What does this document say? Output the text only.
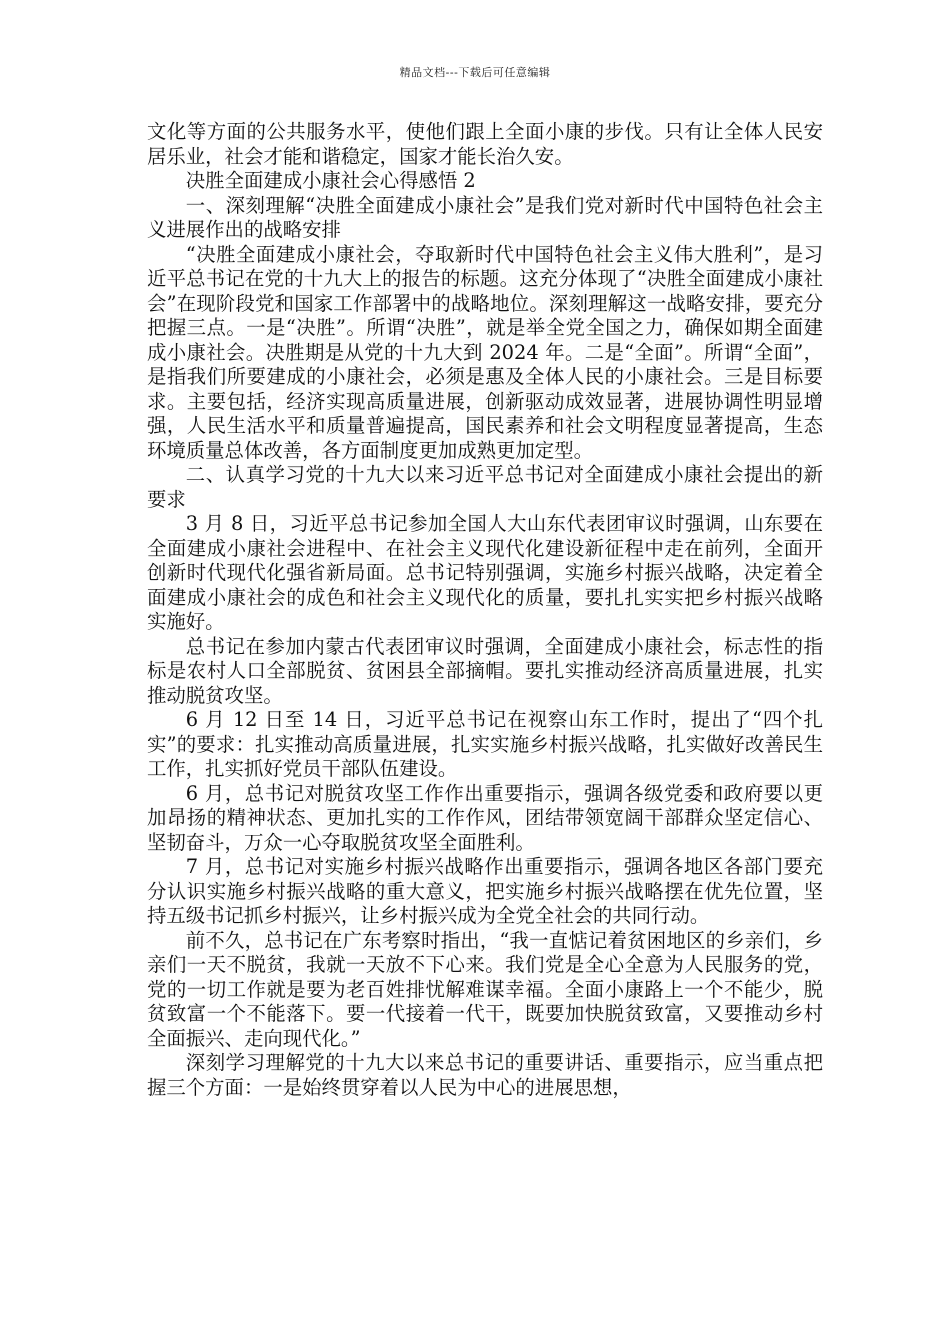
精品文档---下载后可任意编辑

文化等方面的公共服务水平，使他们跟上全面小康的步伐。只有让全体人民安居乐业，社会才能和谐稳定，国家才能长治久安。

决胜全面建成小康社会心得感悟 2

一、深刻理解“决胜全面建成小康社会”是我们党对新时代中国特色社会主义进展作出的战略安排

“决胜全面建成小康社会，夺取新时代中国特色社会主义伟大胜利”，是习近平总书记在党的十九大上的报告的标题。这充分体现了“决胜全面建成小康社会”在现阶段党和国家工作部署中的战略地位。深刻理解这一战略安排，要充分把握三点。一是“决胜”。所谓“决胜”，就是举全党全国之力，确保如期全面建成小康社会。决胜期是从党的十九大到 2024 年。二是“全面”。所谓“全面”，是指我们所要建成的小康社会，必须是惠及全体人民的小康社会。三是目标要求。主要包括，经济实现高质量进展，创新驱动成效显著，进展协调性明显增强，人民生活水平和质量普遍提高，国民素养和社会文明程度显著提高，生态环境质量总体改善，各方面制度更加成熟更加定型。

二、认真学习党的十九大以来习近平总书记对全面建成小康社会提出的新要求

3 月 8 日，习近平总书记参加全国人大山东代表团审议时强调，山东要在全面建成小康社会进程中、在社会主义现代化建设新征程中走在前列，全面开创新时代现代化强省新局面。总书记特别强调，实施乡村振兴战略，决定着全面建成小康社会的成色和社会主义现代化的质量，要扎扎实实把乡村振兴战略实施好。

总书记在参加内蒙古代表团审议时强调，全面建成小康社会，标志性的指标是农村人口全部脱贫、贫困县全部摘帽。要扎实推动经济高质量进展，扎实推动脱贫攻坚。

6 月 12 日至 14 日，习近平总书记在视察山东工作时，提出了“四个扎实”的要求：扎实推动高质量进展，扎实实施乡村振兴战略，扎实做好改善民生工作，扎实抓好党员干部队伍建设。

6 月，总书记对脱贫攻坚工作作出重要指示，强调各级党委和政府要以更加昂扬的精神状态、更加扎实的工作作风，团结带领宽阔干部群众坚定信心、坚韧奋斗，万众一心夺取脱贫攻坚全面胜利。

7 月，总书记对实施乡村振兴战略作出重要指示，强调各地区各部门要充分认识实施乡村振兴战略的重大意义，把实施乡村振兴战略摆在优先位置，坚持五级书记抓乡村振兴，让乡村振兴成为全党全社会的共同行动。

前不久，总书记在广东考察时指出，“我一直惦记着贫困地区的乡亲们，乡亲们一天不脱贫，我就一天放不下心来。我们党是全心全意为人民服务的党，党的一切工作就是要为老百姓排忧解难谋幸福。全面小康路上一个不能少，脱贫致富一个不能落下。要一代接着一代干，既要加快脱贫致富，又要推动乡村全面振兴、走向现代化。”

深刻学习理解党的十九大以来总书记的重要讲话、重要指示，应当重点把握三个方面：一是始终贯穿着以人民为中心的进展思想，
